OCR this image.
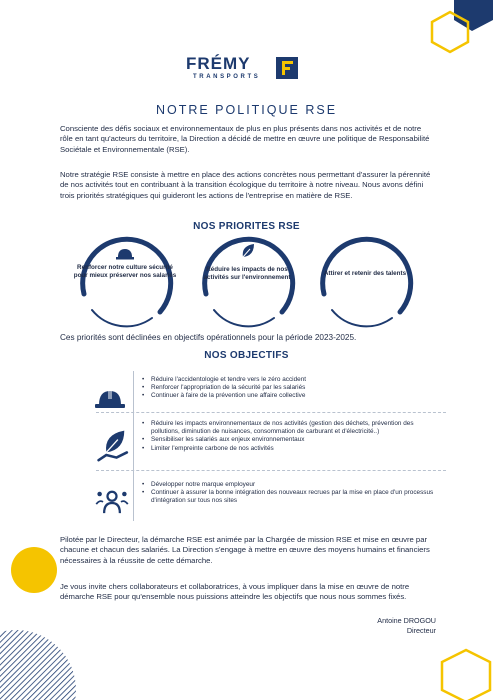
FRÉMY
TRANSPORTS
NOTRE POLITIQUE RSE
Consciente des défis sociaux et environnementaux de plus en plus présents dans nos activités et de notre rôle en tant qu'acteurs du territoire, la Direction a décidé de mettre en œuvre une politique de Responsabilité Sociétale et Environnementale (RSE).
Notre stratégie RSE consiste à mettre en place des actions concrètes nous permettant d'assurer la pérennité de nos activités tout en contribuant à la transition écologique du territoire à notre niveau. Nous avons défini trois priorités stratégiques qui guideront les actions de l'entreprise en matière de RSE.
NOS PRIORITES RSE
Renforcer notre culture sécurité pour mieux préserver nos salariés
Réduire les impacts de nos activités sur l'environnement
Attirer et retenir des talents
Ces priorités sont déclinées en objectifs opérationnels pour la période 2023-2025.
NOS OBJECTIFS
• Réduire l'accidentologie et tendre vers le zéro accident
• Renforcer l'appropriation de la sécurité par les salariés
• Continuer à faire de la prévention une affaire collective
• Réduire les impacts environnementaux de nos activités (gestion des déchets, prévention des pollutions, diminution de nuisances, consommation de carburant et d'électricité..)
• Sensibiliser les salariés aux enjeux environnementaux
• Limiter l'empreinte carbone de nos activités
• Développer notre marque employeur
• Continuer à assurer la bonne intégration des nouveaux recrues par la mise en place d'un processus d'intégration sur tous nos sites
Pilotée par le Directeur, la démarche RSE est animée par la Chargée de mission RSE et mise en œuvre par chacune et chacun des salariés. La Direction s'engage à mettre en œuvre des moyens humains et financiers nécessaires à la réussite de cette démarche.
Je vous invite chers collaborateurs et collaboratrices, à vous impliquer dans la mise en œuvre de notre démarche RSE pour qu'ensemble nous puissions atteindre les objectifs que nous nous sommes fixés.
Antoine DROGOU
Directeur
